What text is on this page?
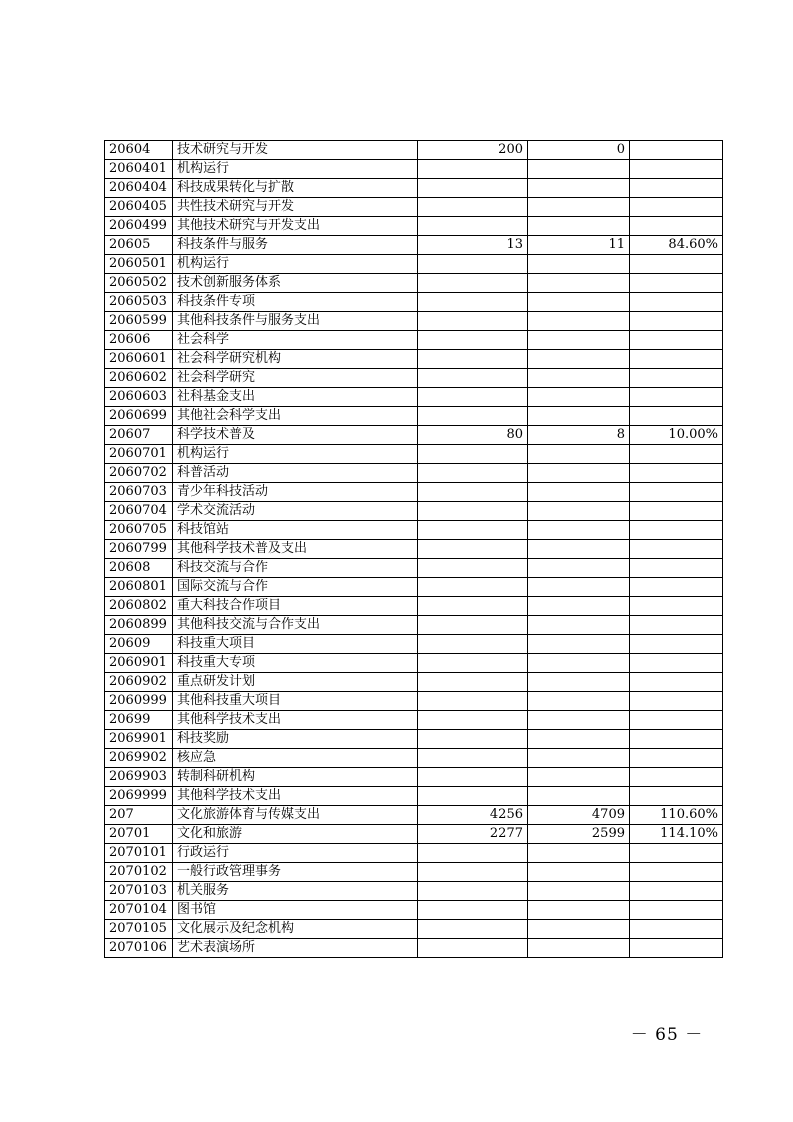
20604	技术研究与开发	200	0	
2060401	机构运行			
2060404	科技成果转化与扩散			
2060405	共性技术研究与开发			
2060499	其他技术研究与开发支出			
20605	科技条件与服务	13	11	84.60%
2060501	机构运行			
2060502	技术创新服务体系			
2060503	科技条件专项			
2060599	其他科技条件与服务支出			
20606	社会科学			
2060601	社会科学研究机构			
2060602	社会科学研究			
2060603	社科基金支出			
2060699	其他社会科学支出			
20607	科学技术普及	80	8	10.00%
2060701	机构运行			
2060702	科普活动			
2060703	青少年科技活动			
2060704	学术交流活动			
2060705	科技馆站			
2060799	其他科学技术普及支出			
20608	科技交流与合作			
2060801	国际交流与合作			
2060802	重大科技合作项目			
2060899	其他科技交流与合作支出			
20609	科技重大项目			
2060901	科技重大专项			
2060902	重点研发计划			
2060999	其他科技重大项目			
20699	其他科学技术支出			
2069901	科技奖励			
2069902	核应急			
2069903	转制科研机构			
2069999	其他科学技术支出			
207	文化旅游体育与传媒支出	4256	4709	110.60%
20701	文化和旅游	2277	2599	114.10%
2070101	行政运行			
2070102	一般行政管理事务			
2070103	机关服务			
2070104	图书馆			
2070105	文化展示及纪念机构			
2070106	艺术表演场所			
－ 65 －
